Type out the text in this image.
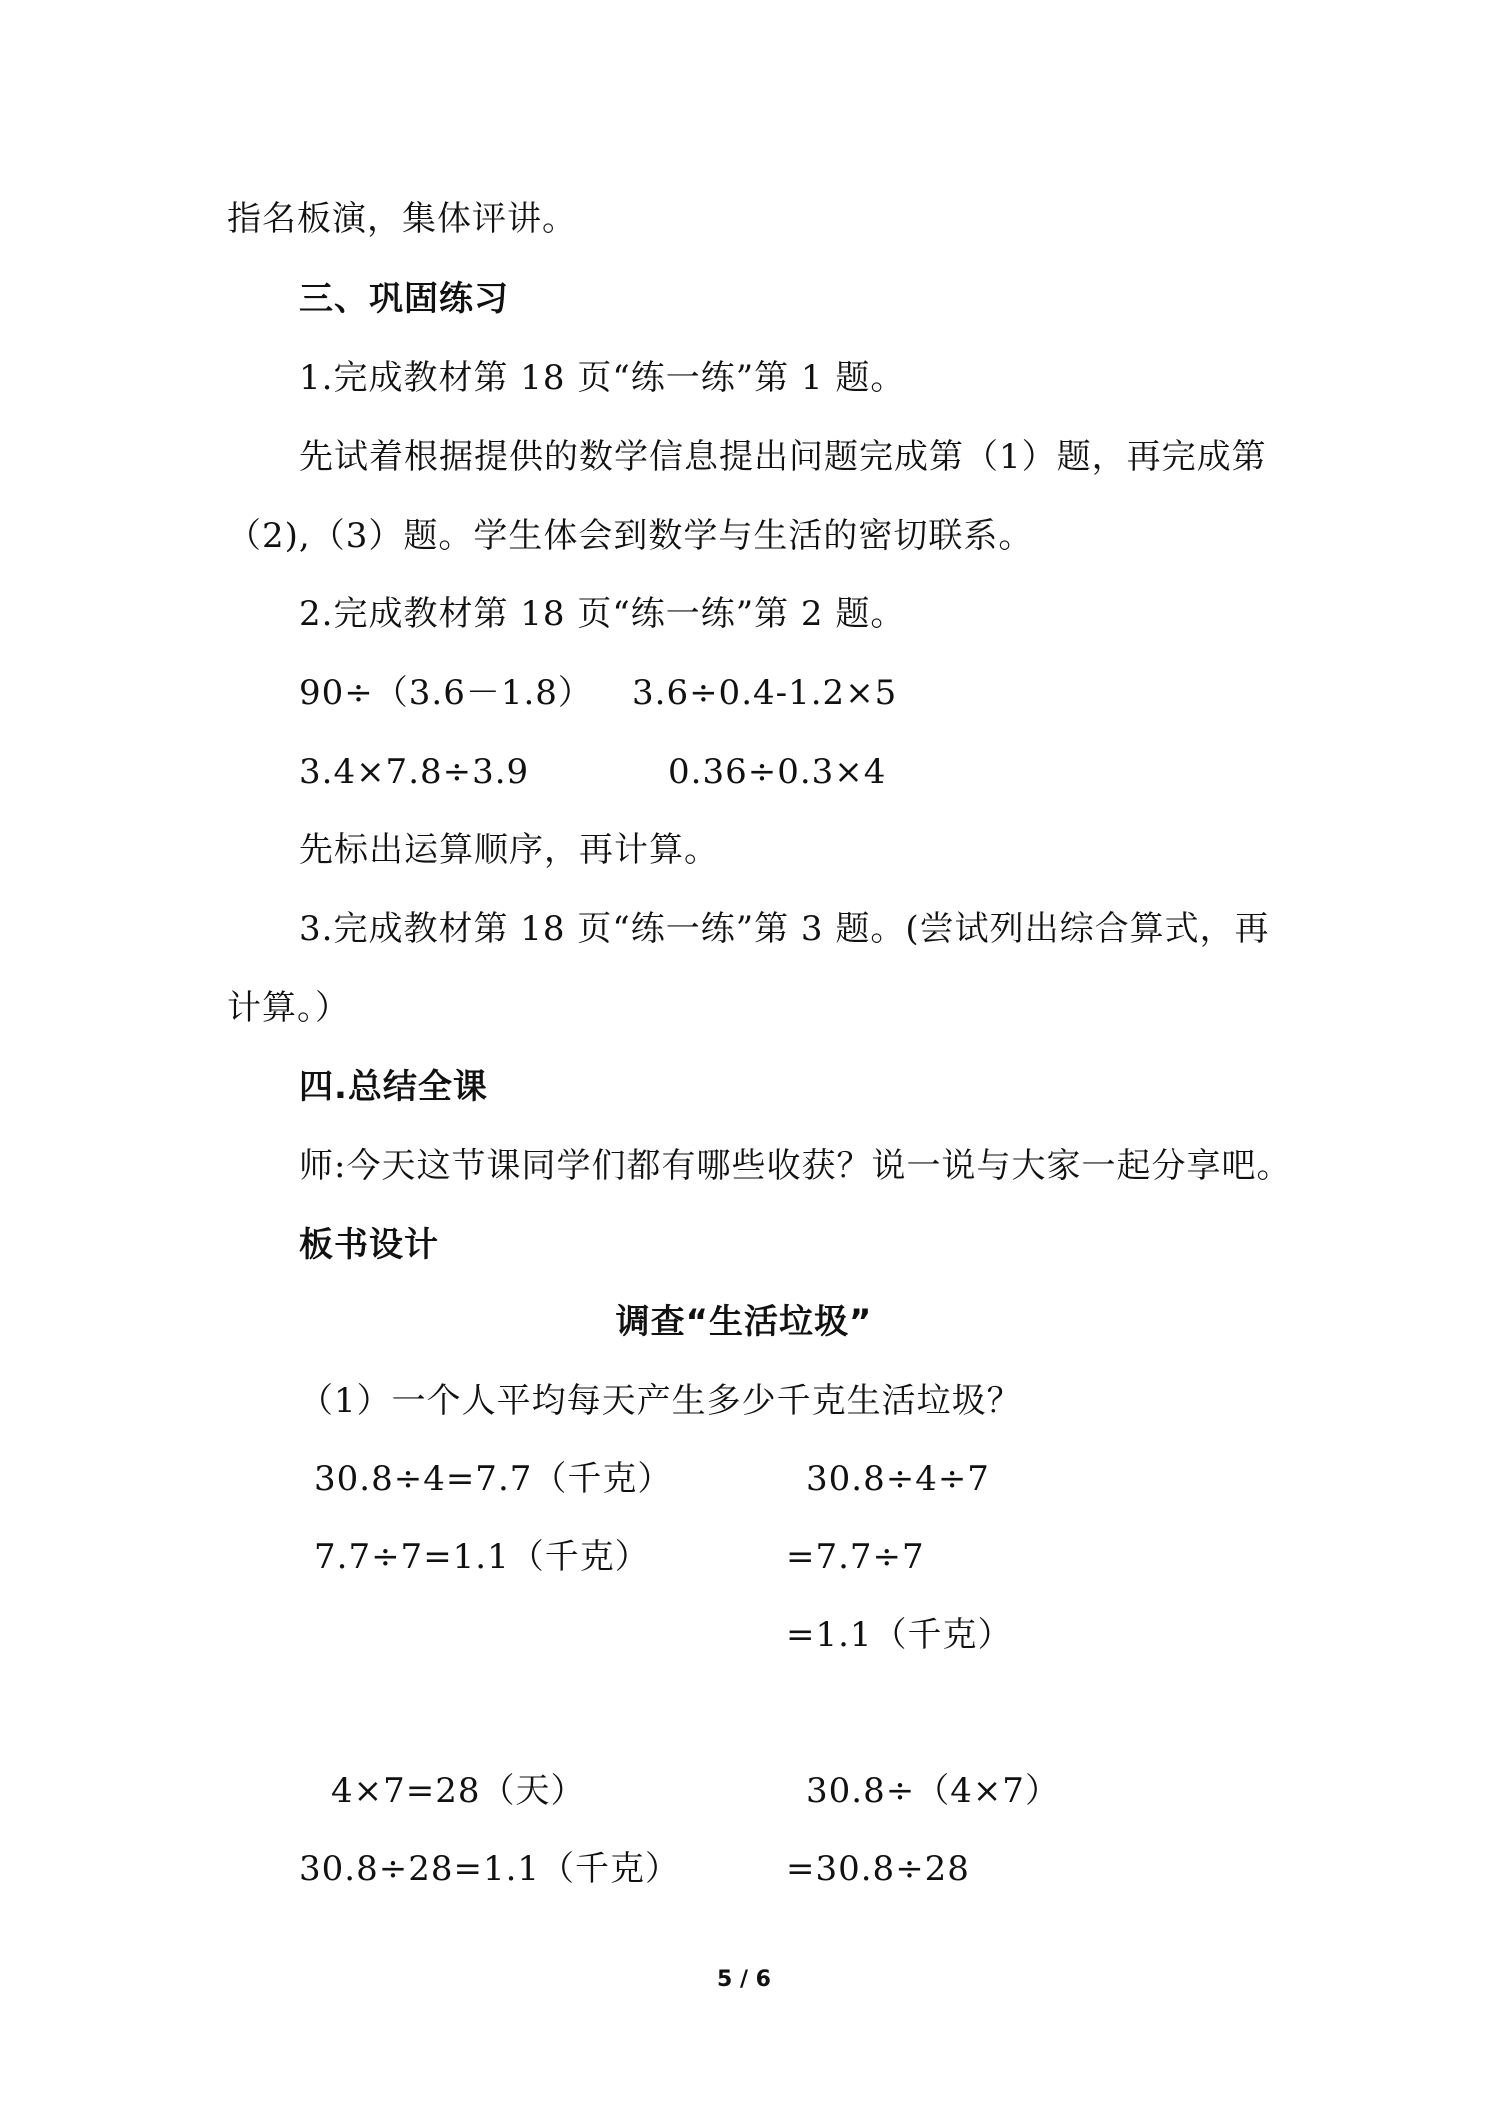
指名板演，集体评讲。
三、巩固练习
1.完成教材第 18 页“练一练”第 1 题。
先试着根据提供的数学信息提出问题完成第（1）题，再完成第
（2),（3）题。学生体会到数学与生活的密切联系。
2.完成教材第 18 页“练一练”第 2 题。
90÷（3.6－1.8） 3.6÷0.4-1.2×5
3.4×7.8÷3.9	0.36÷0.3×4
先标出运算顺序，再计算。
3.完成教材第 18 页“练一练”第 3 题。(尝试列出综合算式，再
计算。）
四.总结全课
师:今天这节课同学们都有哪些收获？说一说与大家一起分享吧。
板书设计
调查“生活垃圾”
（1）一个人平均每天产生多少千克生活垃圾？
30.8÷4=7.7（千克）	30.8÷4÷7
7.7÷7=1.1（千克）	=7.7÷7
=1.1（千克）
4×7=28（天）	30.8÷（4×7）
30.8÷28=1.1（千克）	=30.8÷28
5 / 6
